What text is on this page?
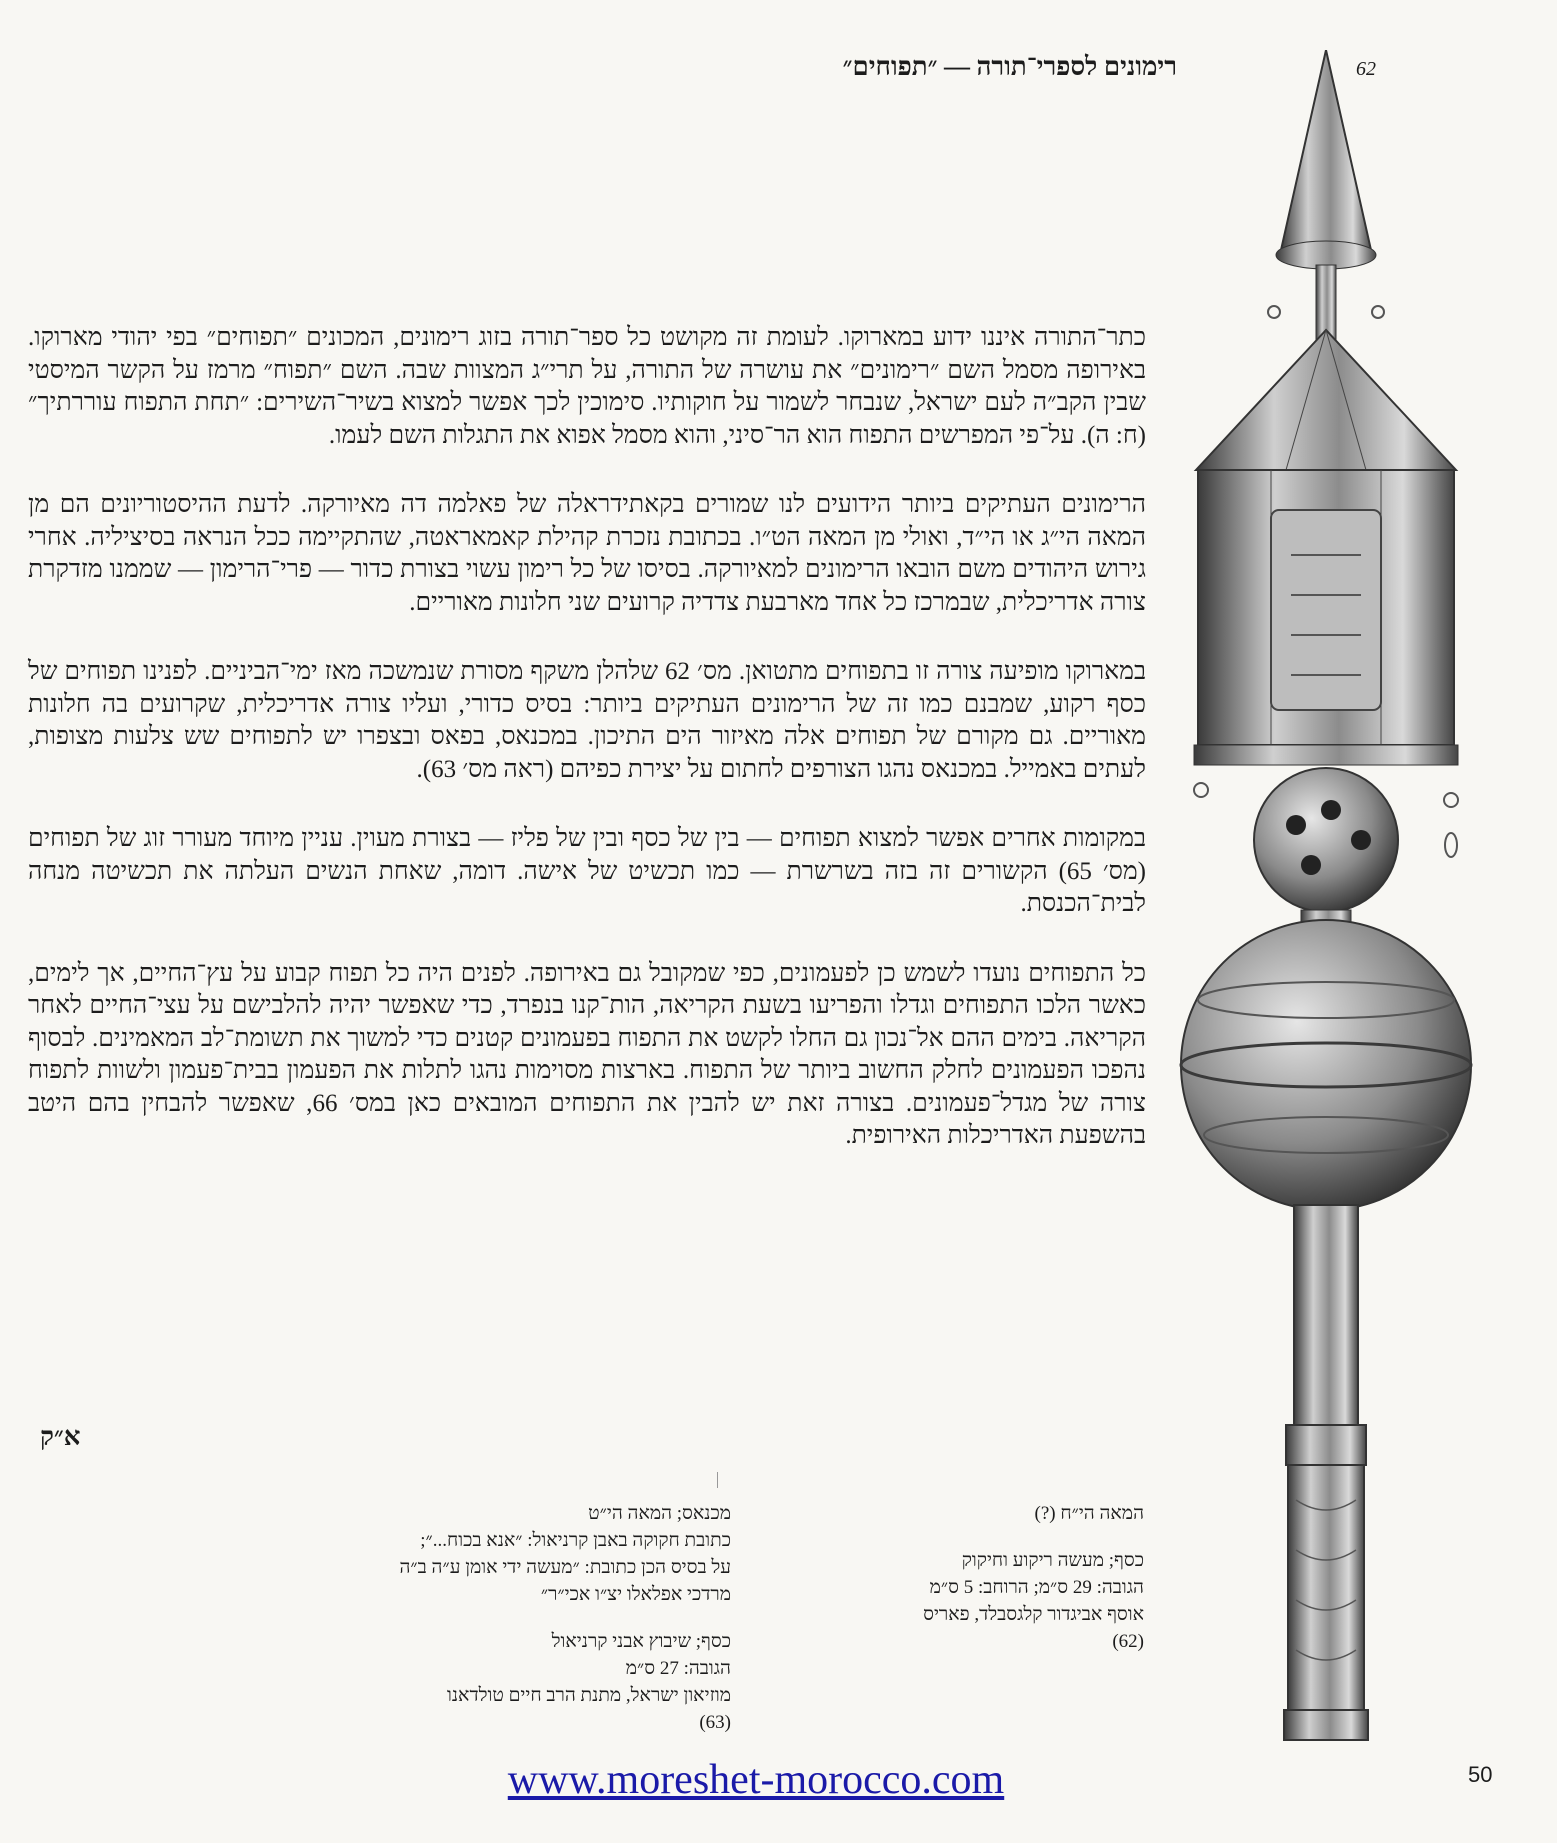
רימונים לספרי־תורה — ״תפוחים״	62

כתר־התורה איננו ידוע במארוקו. לעומת זה מקושט כל ספר־תורה בזוג רימונים, המכונים ״תפוחים״ בפי יהודי מארוקו. באירופה מסמל השם ״רימונים״ את עושרה של התורה, על תרי״ג המצוות שבה. השם ״תפוח״ מרמז על הקשר המיסטי שבין הקב״ה לעם ישראל, שנבחר לשמור על חוקותיו. סימוכין לכך אפשר למצוא בשיר־השירים: ״תחת התפוח עוררתיך״ (ח: ה). על־פי המפרשים התפוח הוא הר־סיני, והוא מסמל אפוא את התגלות השם לעמו.

הרימונים העתיקים ביותר הידועים לנו שמורים בקאתידראלה של פאלמה דה מאיורקה. לדעת ההיסטוריונים הם מן המאה הי״ג או הי״ד, ואולי מן המאה הט״ו. בכתובת נזכרת קהילת קאמאראטה, שהתקיימה ככל הנראה בסיציליה. אחרי גירוש היהודים משם הובאו הרימונים למאיורקה. בסיסו של כל רימון עשוי בצורת כדור — פרי־הרימון — שממנו מזדקרת צורה אדריכלית, שבמרכז כל אחד מארבעת צדדיה קרועים שני חלונות מאוריים.

במארוקו מופיעה צורה זו בתפוחים מתטואן. מס׳ 62 שלהלן משקף מסורת שנמשכה מאז ימי־הביניים. לפנינו תפוחים של כסף רקוע, שמבנם כמו זה של הרימונים העתיקים ביותר: בסיס כדורי, ועליו צורה אדריכלית, שקרועים בה חלונות מאוריים. גם מקורם של תפוחים אלה מאיזור הים התיכון. במכנאס, בפאס ובצפרו יש לתפוחים שש צלעות מצופות, לעתים באמייל. במכנאס נהגו הצורפים לחתום על יצירת כפיהם (ראה מס׳ 63).

במקומות אחרים אפשר למצוא תפוחים — בין של כסף ובין של פליז — בצורת מעוין. עניין מיוחד מעורר זוג של תפוחים (מס׳ 65) הקשורים זה בזה בשרשרת — כמו תכשיט של אישה. דומה, שאחת הנשים העלתה את תכשיטה מנחה לבית־הכנסת.

כל התפוחים נועדו לשמש כן לפעמונים, כפי שמקובל גם באירופה. לפנים היה כל תפוח קבוע על עץ־החיים, אך לימים, כאשר הלכו התפוחים וגדלו והפריעו בשעת הקריאה, הות־קנו בנפרד, כדי שאפשר יהיה להלבישם על עצי־החיים לאחר הקריאה. בימים ההם אל־נכון גם החלו לקשט את התפוח בפעמונים קטנים כדי למשוך את תשומת־לב המאמינים. לבסוף נהפכו הפעמונים לחלק החשוב ביותר של התפוח. בארצות מסוימות נהגו לתלות את הפעמון בבית־פעמון ולשוות לתפוח צורה של מגדל־פעמונים. בצורה זאת יש להבין את התפוחים המובאים כאן במס׳ 66, שאפשר להבחין בהם היטב בהשפעת האדריכלות האירופית.

א״ק
המאה הי״ח (?)
כסף; מעשה ריקוע וחיקוק
הגובה: 29 ס״מ; הרוחב: 5 ס״מ
אוסף אביגדור קלגסבלד, פאריס
(62)
מכנאס; המאה הי״ט
כתובת חקוקה באבן קרניאול: ״אנא בכוח...״;
על בסיס הכן כתובת: ״מעשה ידי אומן ע״ה ב״ה
מרדכי אפלאלו יצ״ו אכי״ר״
כסף; שיבוץ אבני קרניאול
הגובה: 27 ס״מ
מוזיאון ישראל, מתנת הרב חיים טולדאנו
(63)
www.moreshet-morocco.com	50
